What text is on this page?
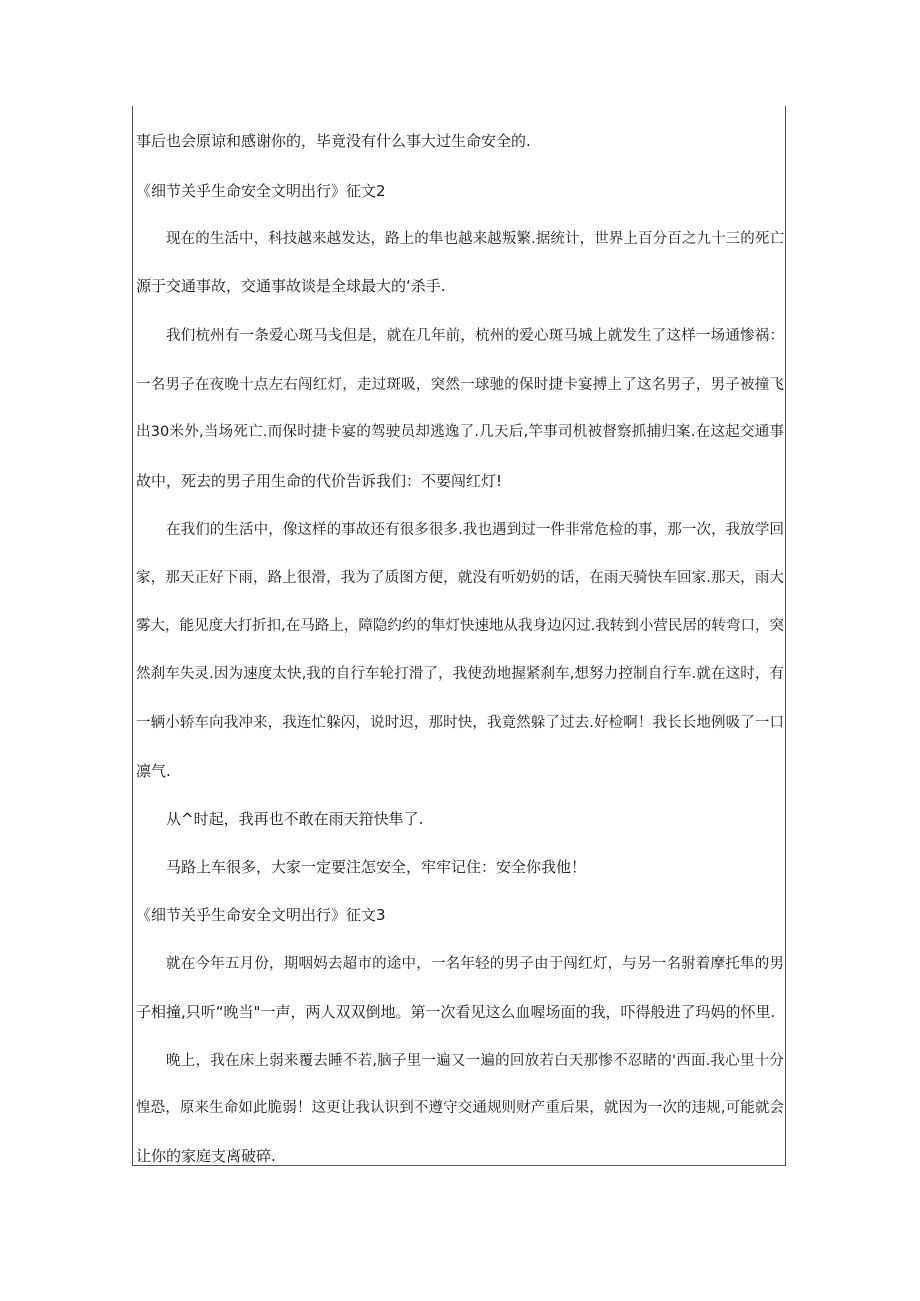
事后也会原谅和感谢你的，毕竟没有什么事大过生命安全的.
《细节关乎生命安全文明出行》征文2
现在的生活中，科技越来越发达，路上的隼也越来越叛繁.据统计，世界上百分百之九十三的死亡
源于交通事故，交通事故谈是全球最大的‘杀手.
我们杭州有一条爱心斑马戋但是，就在几年前，杭州的爱心斑马城上就发生了这样一场通惨祸：
一名男子在夜晚十点左右闯红灯，走过斑吸，突然一球驰的保时捷卡宴搏上了这名男子，男子被撞飞
出30米外,当场死亡.而保时捷卡宴的驾驶员却逃逸了.几天后,竿事司机被督察抓捕归案.在这起交通事
故中，死去的男子用生命的代价告诉我们：不要闯红灯!
在我们的生活中，像这样的事故还有很多很多.我也遇到过一件非常危检的事，那一次，我放学回
家，那天正好下雨，路上很滑，我为了质图方便，就没有听奶奶的话，在雨天骑快车回家.那天，雨大
雾大，能见度大打折扣,在马路上，障隐约约的隼灯快速地从我身边闪过.我转到小营民居的转弯口，突
然刹车失灵.因为速度太快,我的自行车轮打滑了，我使劲地握紧刹车,想努力控制自行车.就在这时，有
一辆小轿车向我冲来，我连忙躲闪，说时迟，那时快，我竟然躲了过去.好检啊！我长长地例吸了一口
凛气.
从^时起，我再也不敢在雨天箝快隼了.
马路上车很多，大家一定要注怎安全，牢牢记住：安全你我他！
《细节关乎生命安全文明出行》征文3
就在今年五月份，期咽妈去超市的途中，一名年轻的男子由于闯红灯，与另一名驸着摩托隼的男
子相撞,只听“晚当"一声，两人双双倒地。第一次看见这么血喔场面的我，吓得般进了玛妈的怀里.
晚上，我在床上弱来覆去睡不若,脑子里一遍又一遍的回放若白天那惨不忍睹的'西面.我心里十分
惶恐，原来生命如此脆弱！这更让我认识到不遵守交通规则财产重后果，就因为一次的违规,可能就会
让你的家庭支离破碎.
